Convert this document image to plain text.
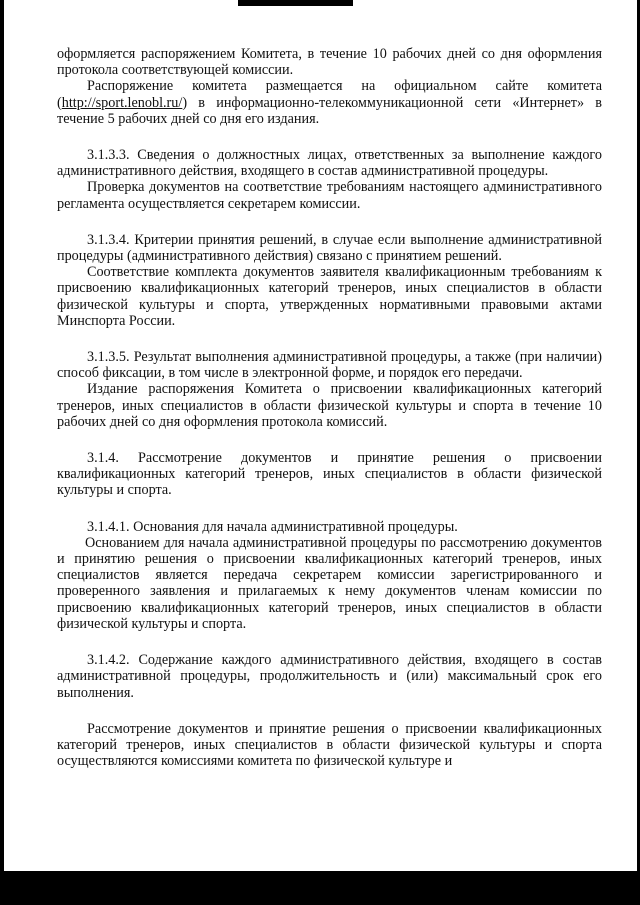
оформляется распоряжением Комитета, в течение 10 рабочих дней со дня оформления протокола соответствующей комиссии.

Распоряжение комитета размещается на официальном сайте комитета (http://sport.lenobl.ru/) в информационно-телекоммуникационной сети «Интернет» в течение 5 рабочих дней со дня его издания.

3.1.3.3. Сведения о должностных лицах, ответственных за выполнение каждого административного действия, входящего в состав административной процедуры.

Проверка документов на соответствие требованиям настоящего административного регламента осуществляется секретарем комиссии.

3.1.3.4. Критерии принятия решений, в случае если выполнение административной процедуры (административного действия) связано с принятием решений.

Соответствие комплекта документов заявителя квалификационным требованиям к присвоению квалификационных категорий тренеров, иных специалистов в области физической культуры и спорта, утвержденных нормативными правовыми актами Минспорта России.

3.1.3.5. Результат выполнения административной процедуры, а также (при наличии) способ фиксации, в том числе в электронной форме, и порядок его передачи.

Издание распоряжения Комитета о присвоении квалификационных категорий тренеров, иных специалистов в области физической культуры и спорта в течение 10 рабочих дней со дня оформления протокола комиссий.

3.1.4. Рассмотрение документов и принятие решения о присвоении квалификационных категорий тренеров, иных специалистов в области физической культуры и спорта.

3.1.4.1. Основания для начала административной процедуры.

Основанием для начала административной процедуры по рассмотрению документов и принятию решения о присвоении квалификационных категорий тренеров, иных специалистов является передача секретарем комиссии зарегистрированного и проверенного заявления и прилагаемых к нему документов членам комиссии по присвоению квалификационных категорий тренеров, иных специалистов в области физической культуры и спорта.

3.1.4.2. Содержание каждого административного действия, входящего в состав административной процедуры, продолжительность и (или) максимальный срок его выполнения.

Рассмотрение документов и принятие решения о присвоении квалификационных категорий тренеров, иных специалистов в области физической культуры и спорта осуществляются комиссиями комитета по физической культуре и
